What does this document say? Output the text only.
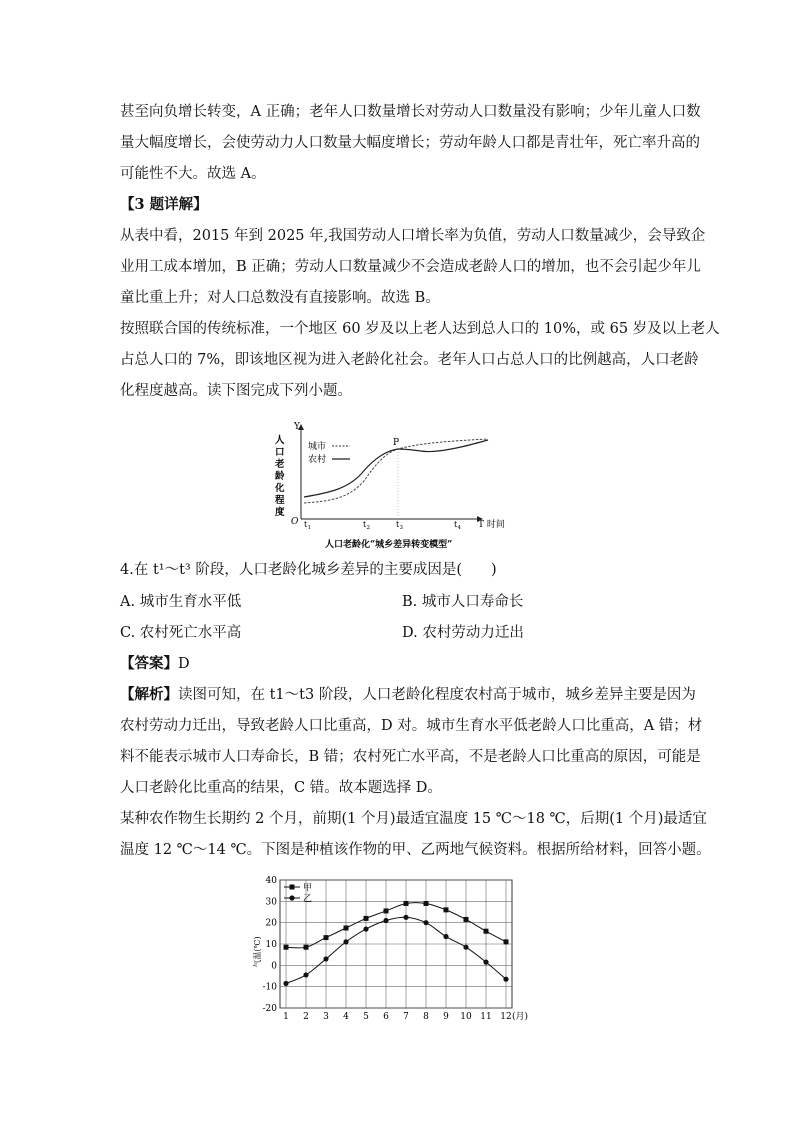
甚至向负增长转变，A 正确；老年人口数量增长对劳动人口数量没有影响；少年儿童人口数
量大幅度增长，会使劳动力人口数量大幅度增长；劳动年龄人口都是青壮年，死亡率升高的
可能性不大。故选 A。
【3 题详解】
从表中看，2015 年到 2025 年,我国劳动人口增长率为负值，劳动人口数量减少，会导致企
业用工成本增加，B 正确；劳动人口数量减少不会造成老龄人口的增加，也不会引起少年儿
童比重上升；对人口总数没有直接影响。故选 B。
按照联合国的传统标准，一个地区 60 岁及以上老人达到总人口的 10%，或 65 岁及以上老人
占总人口的 7%，即该地区视为进入老龄化社会。老年人口占总人口的比例越高，人口老龄
化程度越高。读下图完成下列小题。
Y
人
口
老
龄
化
程
度
O
城市
农村
P
t 1	t 2	t 3	t 4 T 时间
人口老龄化“城乡差异转变模型”
4.在 t¹～t³ 阶段，人口老龄化城乡差异的主要成因是(　　)
A. 城市生育水平低	B. 城市人口寿命长
C. 农村死亡水平高	D. 农村劳动力迁出
【答案】D
【解析】读图可知，在 t1～t3 阶段，人口老龄化程度农村高于城市，城乡差异主要是因为
农村劳动力迁出，导致老龄人口比重高，D 对。城市生育水平低老龄人口比重高，A 错；材
料不能表示城市人口寿命长，B 错；农村死亡水平高，不是老龄人口比重高的原因，可能是
人口老龄化比重高的结果，C 错。故本题选择 D。
某种农作物生长期约 2 个月，前期(1 个月)最适宜温度 15 ℃～18 ℃，后期(1 个月)最适宜
温度 12 ℃～14 ℃。下图是种植该作物的甲、乙两地气候资料。根据所给材料，回答小题。
40
30
20
10
0
-10
-20
1 2 3 4 5 6 7 8 9 10 11 12
气温(℃)
(月)
甲
乙
